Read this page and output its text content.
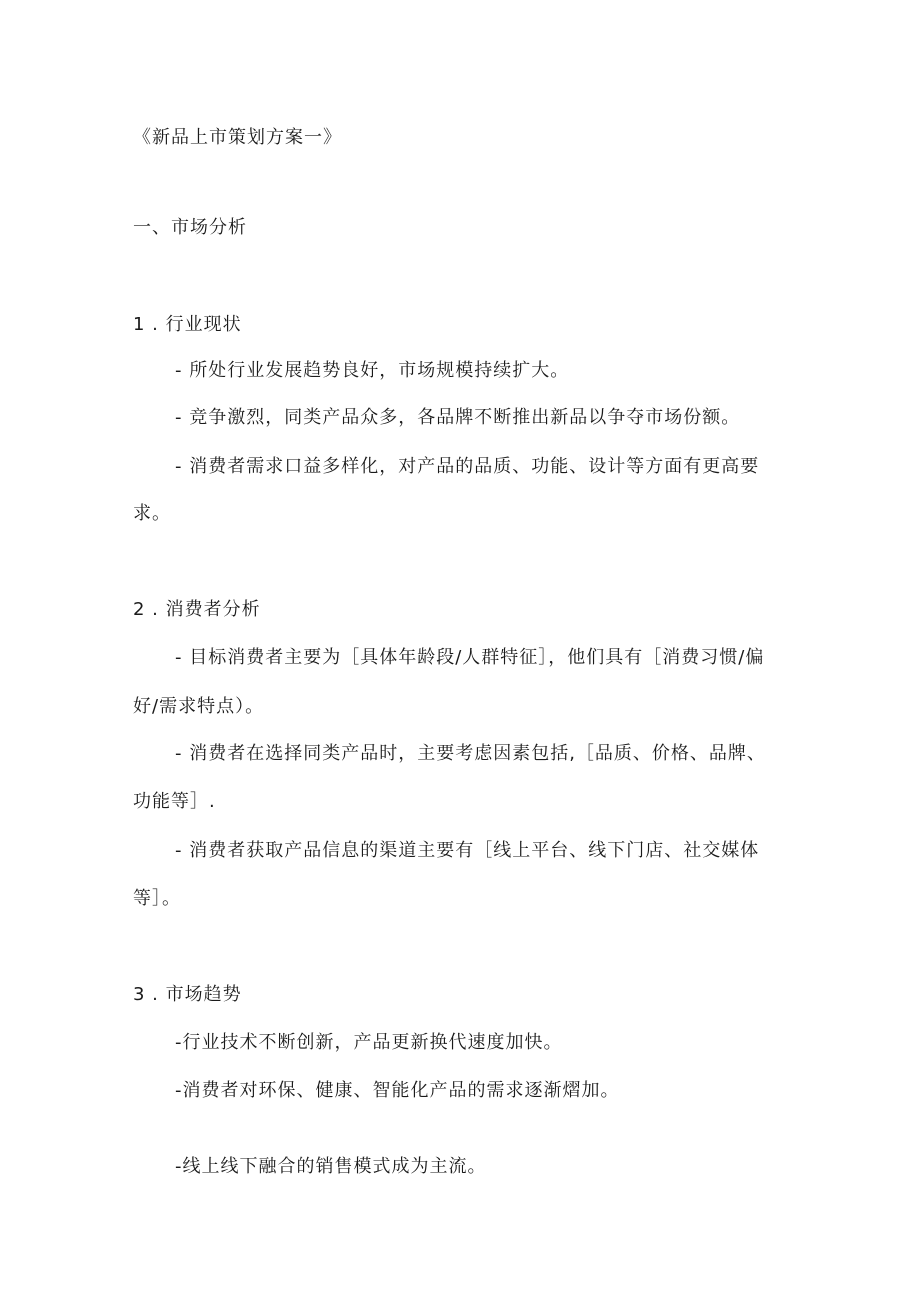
《新品上市策划方案一》
一、市场分析
1 . 行业现状
- 所处行业发展趋势良好，市场规模持续扩大。
- 竞争激烈，同类产品众多，各品牌不断推出新品以争夺市场份额。
- 消费者需求口益多样化，对产品的品质、功能、设计等方面有更高要
求。
2 . 消费者分析
- 目标消费者主要为［具体年龄段/人群特征］，他们具有［消费习惯/偏
好/需求特点）。
- 消费者在选择同类产品时，主要考虑因素包括,［品质、价格、品牌、
功能等］.
- 消费者获取产品信息的渠道主要有［线上平台、线下门店、社交媒体
等］。
3 . 市场趋势
-行业技术不断创新，产品更新换代速度加快。
-消费者对环保、健康、智能化产品的需求逐渐熠加。
-线上线下融合的销售模式成为主流。
